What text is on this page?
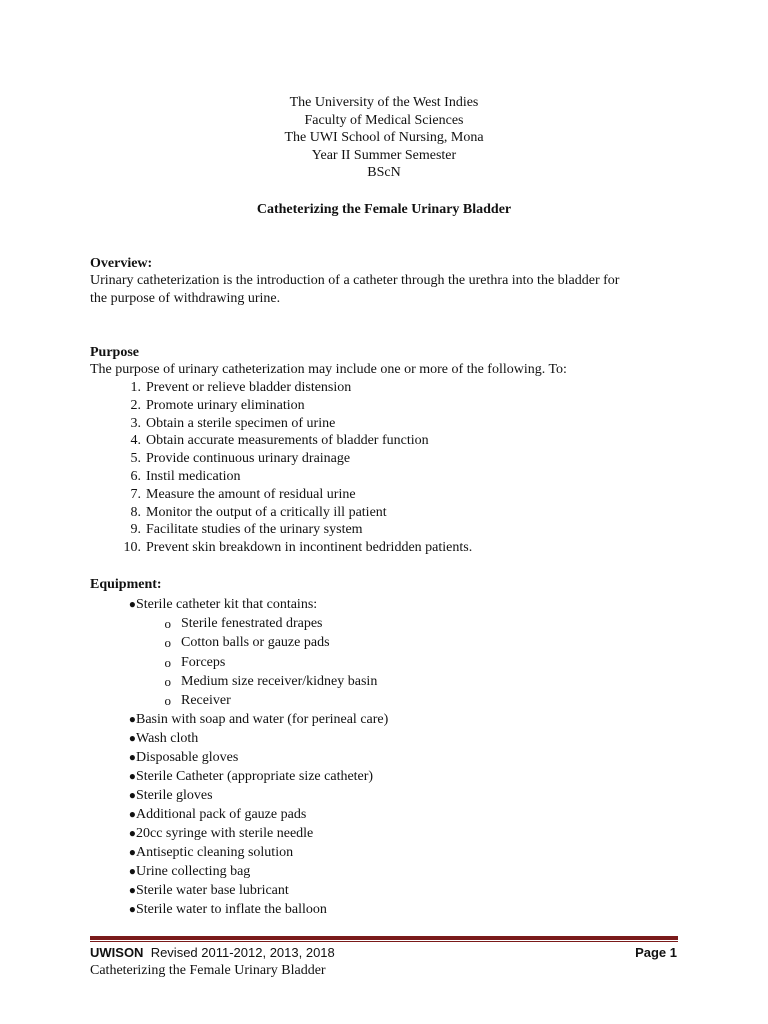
The University of the West Indies
Faculty of Medical Sciences
The UWI School of Nursing, Mona
Year II Summer Semester
BScN
Catheterizing the Female Urinary Bladder
Overview:
Urinary catheterization is the introduction of a catheter through the urethra into the bladder for
the purpose of withdrawing urine.
Purpose
The purpose of urinary catheterization may include one or more of the following. To:
1. Prevent or relieve bladder distension
2. Promote urinary elimination
3. Obtain a sterile specimen of urine
4. Obtain accurate measurements of bladder function
5. Provide continuous urinary drainage
6. Instil medication
7. Measure the amount of residual urine
8. Monitor the output of a critically ill patient
9. Facilitate studies of the urinary system
10. Prevent skin breakdown in incontinent bedridden patients.
Equipment:
● Sterile catheter kit that contains:
o Sterile fenestrated drapes
o Cotton balls or gauze pads
o Forceps
o Medium size receiver/kidney basin
o Receiver
● Basin with soap and water (for perineal care)
● Wash cloth
● Disposable gloves
● Sterile Catheter (appropriate size catheter)
● Sterile gloves
● Additional pack of gauze pads
● 20cc syringe with sterile needle
● Antiseptic cleaning solution
● Urine collecting bag
● Sterile water base lubricant
● Sterile water to inflate the balloon
UWISON Revised 2011-2012, 2013, 2018	Page 1
Catheterizing the Female Urinary Bladder
